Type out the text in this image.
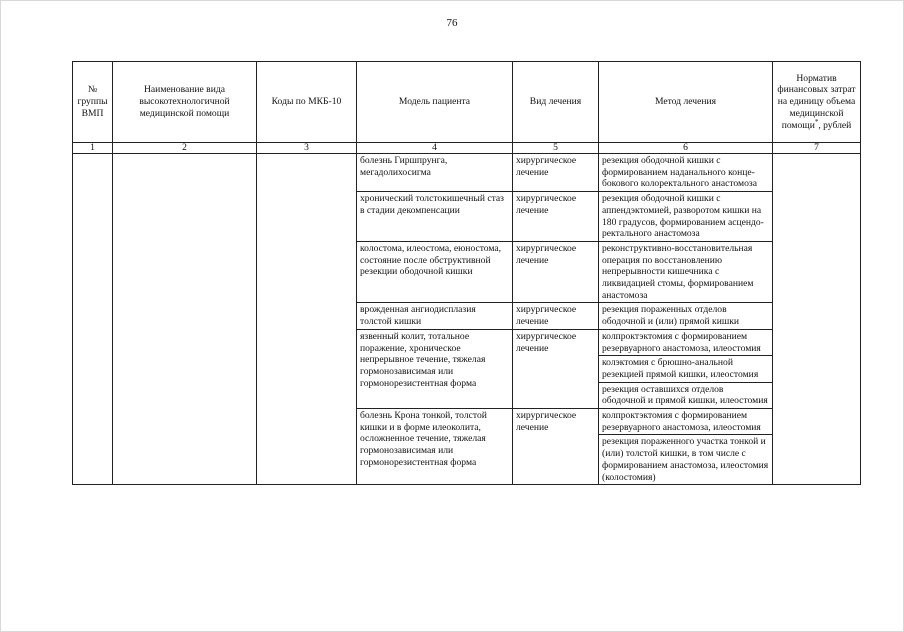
76
№ группы ВМП	Наименование вида высокотехнологичной медицинской помощи	Коды по МКБ-10	Модель пациента	Вид лечения	Метод лечения	Норматив финансовых затрат на единицу объема медицинской помощи*, рублей
1	2	3	4	5	6	7
			болезнь Гиршпрунга, мегадолихосигма	хирургическое лечение	резекция ободочной кишки с формированием наданального конце-бокового колоректального анастомоза	
			хронический толстокишечный стаз в стадии декомпенсации	хирургическое лечение	резекция ободочной кишки с аппендэктомией, разворотом кишки на 180 градусов, формированием асцендо-ректального анастомоза	
			колостома, илеостома, еюностома, состояние после обструктивной резекции ободочной кишки	хирургическое лечение	реконструктивно-восстановительная операция по восстановлению непрерывности кишечника с ликвидацией стомы, формированием анастомоза	
			врожденная ангиодисплазия толстой кишки	хирургическое лечение	резекция пораженных отделов ободочной и (или) прямой кишки	
			язвенный колит, тотальное поражение, хроническое непрерывное течение, тяжелая гормонозависимая или гормонорезистентная форма	хирургическое лечение	колпроктэктомия с формированием резервуарного анастомоза, илеостомия	
					колэктомия с брюшно-анальной резекцией прямой кишки, илеостомия	
					резекция оставшихся отделов ободочной и прямой кишки, илеостомия	
			болезнь Крона тонкой, толстой кишки и в форме илеоколита, осложненное течение, тяжелая гормонозависимая или гормонорезистентная форма	хирургическое лечение	колпроктэктомия с формированием резервуарного анастомоза, илеостомия	
					резекция пораженного участка тонкой и (или) толстой кишки, в том числе с формированием анастомоза, илеостомия (колостомия)	
